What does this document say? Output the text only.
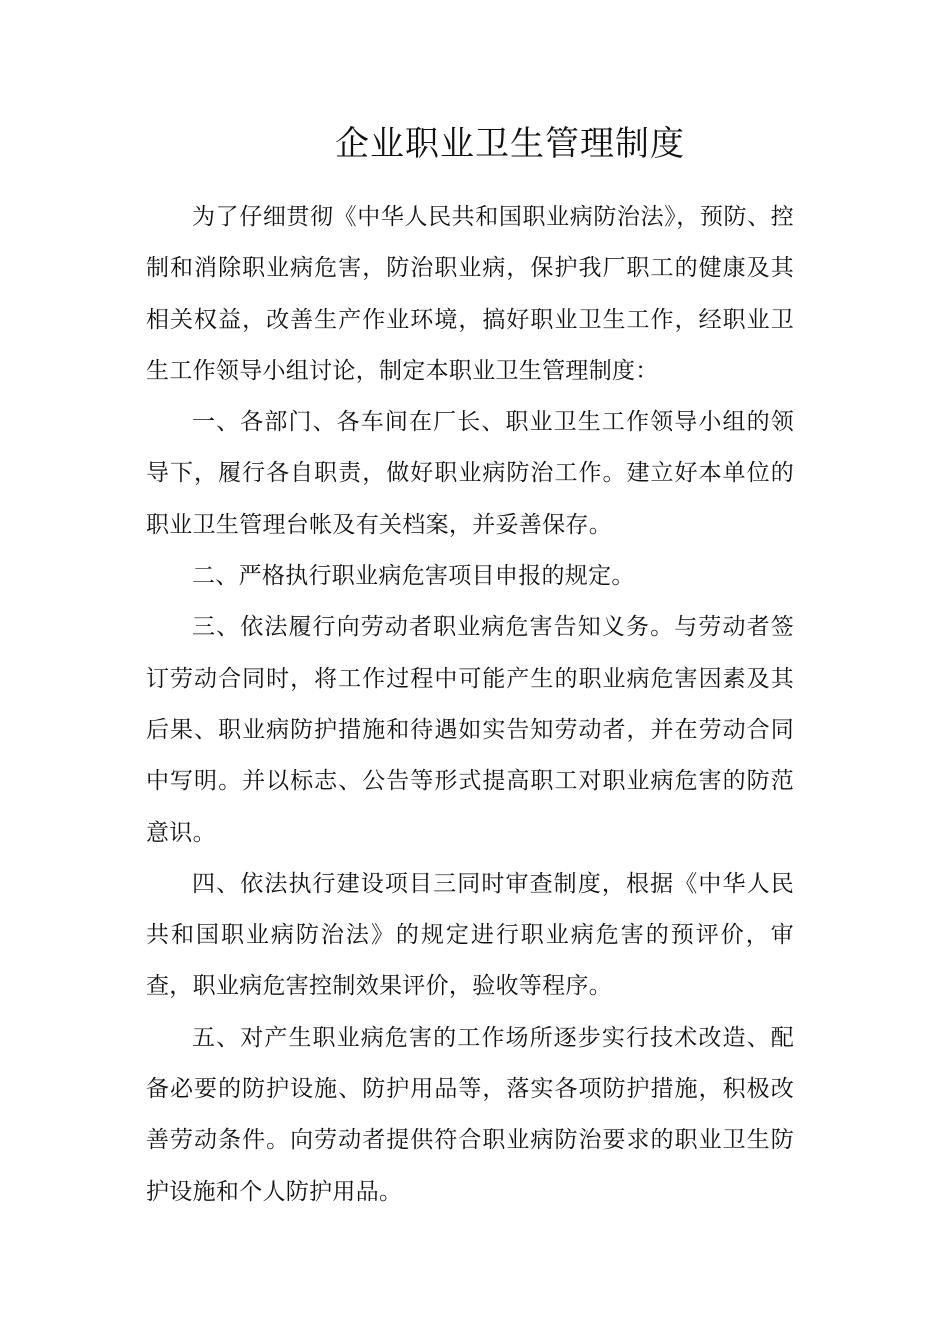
企业职业卫生管理制度

为了仔细贯彻《中华人民共和国职业病防治法》，预防、控制和消除职业病危害，防治职业病，保护我厂职工的健康及其相关权益，改善生产作业环境，搞好职业卫生工作，经职业卫生工作领导小组讨论，制定本职业卫生管理制度：

一、各部门、各车间在厂长、职业卫生工作领导小组的领导下，履行各自职责，做好职业病防治工作。建立好本单位的职业卫生管理台帐及有关档案，并妥善保存。

二、严格执行职业病危害项目申报的规定。

三、依法履行向劳动者职业病危害告知义务。与劳动者签订劳动合同时，将工作过程中可能产生的职业病危害因素及其后果、职业病防护措施和待遇如实告知劳动者，并在劳动合同中写明。并以标志、公告等形式提高职工对职业病危害的防范意识。

四、依法执行建设项目三同时审查制度，根据《中华人民共和国职业病防治法》的规定进行职业病危害的预评价，审查，职业病危害控制效果评价，验收等程序。

五、对产生职业病危害的工作场所逐步实行技术改造、配备必要的防护设施、防护用品等，落实各项防护措施，积极改善劳动条件。向劳动者提供符合职业病防治要求的职业卫生防护设施和个人防护用品。
